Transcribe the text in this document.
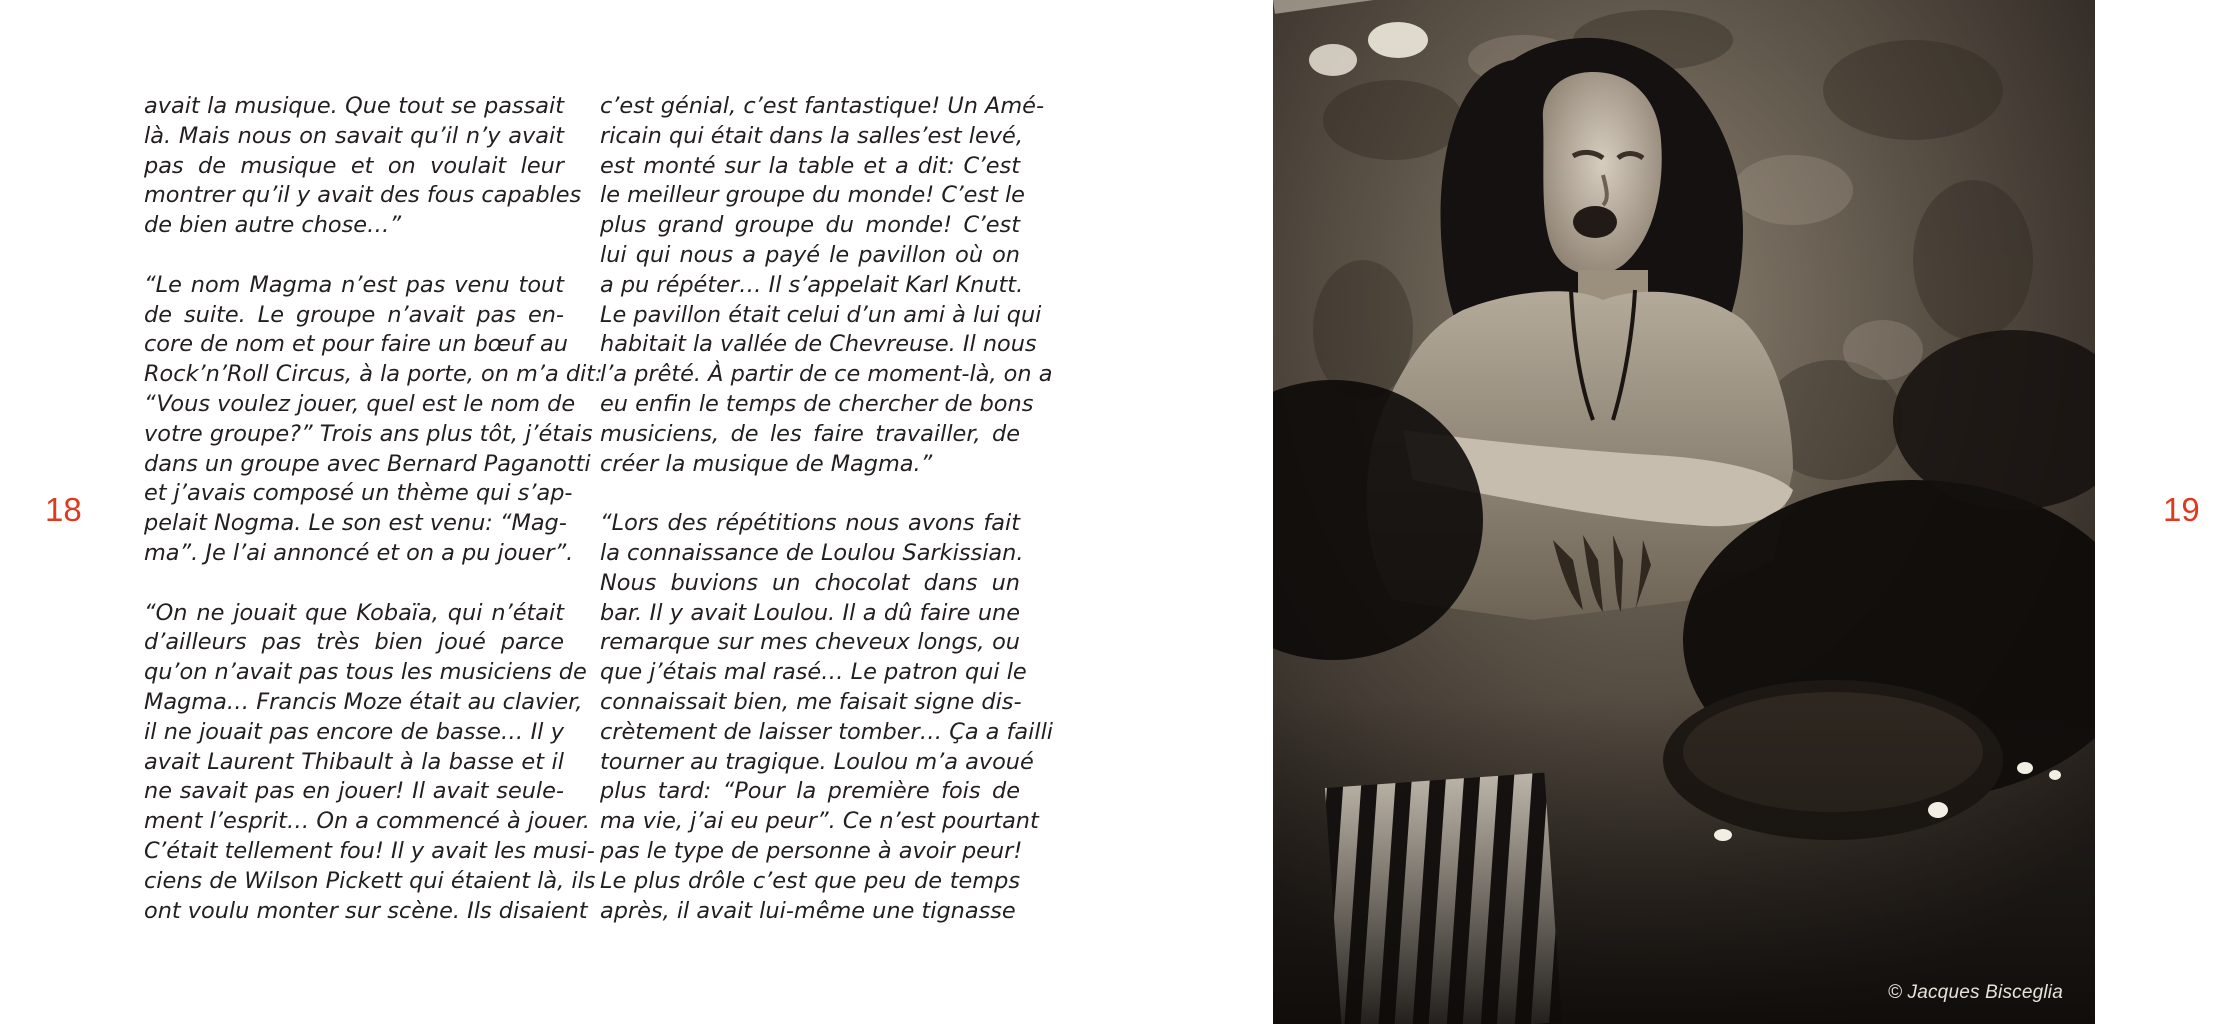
18

avait la musique. Que tout se passait
là. Mais nous on savait qu’il n’y avait
pas de musique et on voulait leur
montrer qu’il y avait des fous capables
de bien autre chose…”

“Le nom Magma n’est pas venu tout
de suite. Le groupe n’avait pas en-
core de nom et pour faire un bœuf au
Rock’n’Roll Circus, à la porte, on m’a dit:
“Vous voulez jouer, quel est le nom de
votre groupe?” Trois ans plus tôt, j’étais
dans un groupe avec Bernard Paganotti
et j’avais composé un thème qui s’ap-
pelait Nogma. Le son est venu: “Mag-
ma”. Je l’ai annoncé et on a pu jouer”.

“On ne jouait que Kobaïa, qui n’était
d’ailleurs pas très bien joué parce
qu’on n’avait pas tous les musiciens de
Magma… Francis Moze était au clavier,
il ne jouait pas encore de basse… Il y
avait Laurent Thibault à la basse et il
ne savait pas en jouer! Il avait seule-
ment l’esprit… On a commencé à jouer.
C’était tellement fou! Il y avait les musi-
ciens de Wilson Pickett qui étaient là, ils
ont voulu monter sur scène. Ils disaient

c’est génial, c’est fantastique! Un Amé-
ricain qui était dans la salles’est levé,
est monté sur la table et a dit: C’est
le meilleur groupe du monde! C’est le
plus grand groupe du monde! C’est
lui qui nous a payé le pavillon où on
a pu répéter… Il s’appelait Karl Knutt.
Le pavillon était celui d’un ami à lui qui
habitait la vallée de Chevreuse. Il nous
l’a prêté. À partir de ce moment-là, on a
eu enfin le temps de chercher de bons
musiciens, de les faire travailler, de
créer la musique de Magma.”

“Lors des répétitions nous avons fait
la connaissance de Loulou Sarkissian.
Nous buvions un chocolat dans un
bar. Il y avait Loulou. Il a dû faire une
remarque sur mes cheveux longs, ou
que j’étais mal rasé… Le patron qui le
connaissait bien, me faisait signe dis-
crètement de laisser tomber… Ça a failli
tourner au tragique. Loulou m’a avoué
plus tard: “Pour la première fois de
ma vie, j’ai eu peur”. Ce n’est pourtant
pas le type de personne à avoir peur!
Le plus drôle c’est que peu de temps
après, il avait lui-même une tignasse

© Jacques Bisceglia
19
